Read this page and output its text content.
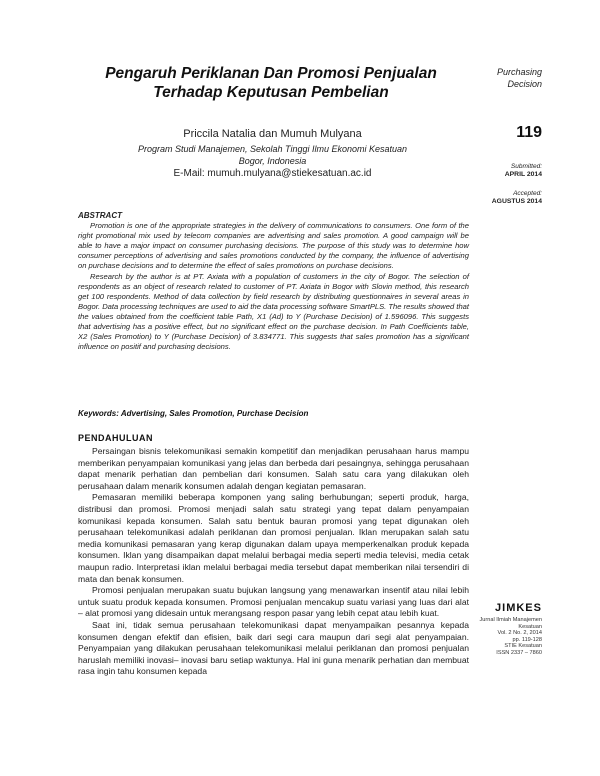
Pengaruh Periklanan Dan Promosi Penjualan
Terhadap Keputusan Pembelian
Purchasing
Decision
119
Submitted:
APRIL 2014
Accepted:
AGUSTUS 2014
Priccila Natalia dan Mumuh Mulyana
Program Studi Manajemen, Sekolah Tinggi Ilmu Ekonomi Kesatuan
Bogor, Indonesia
E-Mail: mumuh.mulyana@stiekesatuan.ac.id
ABSTRACT

Promotion is one of the appropriate strategies in the delivery of communications to consumers. One form of the right promotional mix used by telecom companies are advertising and sales promotion. A good campaign will be able to have a major impact on consumer purchasing decisions. The purpose of this study was to determine how consumer perceptions of advertising and sales promotions conducted by the company, the influence of advertising on purchase decisions and to determine the effect of sales promotions on purchase decisions.

Research by the author is at PT. Axiata with a population of customers in the city of Bogor. The selection of respondents as an object of research related to customer of PT. Axiata in Bogor with Slovin method, this research get 100 respondents. Method of data collection by field research by distributing questionnaires in several areas in Bogor. Data processing techniques are used to aid the data processing software SmartPLS. The results showed that the values obtained from the coefficient table Path, X1 (Ad) to Y (Purchase Decision) of 1.596096. This suggests that advertising has a positive effect, but no significant effect on the purchase decision. In Path Coefficients table, X2 (Sales Promotion) to Y (Purchase Decision) of 3.834771. This suggests that sales promotion has a significant influence on positif and purchasing decisions.

Keywords: Advertising, Sales Promotion, Purchase Decision
PENDAHULUAN

Persaingan bisnis telekomunikasi semakin kompetitif dan menjadikan perusahaan harus mampu memberikan penyampaian komunikasi yang jelas dan berbeda dari pesaingnya, sehingga perusahaan dapat menarik perhatian dan pembelian dari konsumen. Salah satu cara yang dilakukan oleh perusahaan dalam menarik konsumen adalah dengan kegiatan pemasaran.

Pemasaran memiliki beberapa komponen yang saling berhubungan; seperti produk, harga, distribusi dan promosi. Promosi menjadi salah satu strategi yang tepat dalam penyampaian komunikasi kepada konsumen. Salah satu bentuk bauran promosi yang tepat digunakan oleh perusahaan telekomunikasi adalah periklanan dan promosi penjualan. Iklan merupakan salah satu media komunikasi pemasaran yang kerap digunakan dalam upaya memperkenalkan produk kepada konsumen. Iklan yang disampaikan dapat melalui berbagai media seperti media televisi, media cetak maupun radio. Interpretasi iklan melalui berbagai media tersebut dapat memberikan nilai tersendiri di mata dan benak konsumen.

Promosi penjualan merupakan suatu bujukan langsung yang menawarkan insentif atau nilai lebih untuk suatu produk kepada konsumen. Promosi penjualan mencakup suatu variasi yang luas dari alat – alat promosi yang didesain untuk merangsang respon pasar yang lebih cepat atau lebih kuat.

Saat ini, tidak semua perusahaan telekomunikasi dapat menyampaikan pesannya kepada konsumen dengan efektif dan efisien, baik dari segi cara maupun dari segi alat penyampaian. Penyampaian yang dilakukan perusahaan telekomunikasi melalui periklanan dan promosi penjualan haruslah memiliki inovasi– inovasi baru setiap waktunya. Hal ini guna menarik perhatian dan membuat rasa ingin tahu konsumen kepada

JIMKES
Jurnal Ilmiah Manajemen
Kesatuan
Vol. 2 No. 2, 2014
pp. 119-128
STIE Kesatuan
ISSN 2337 – 7860
